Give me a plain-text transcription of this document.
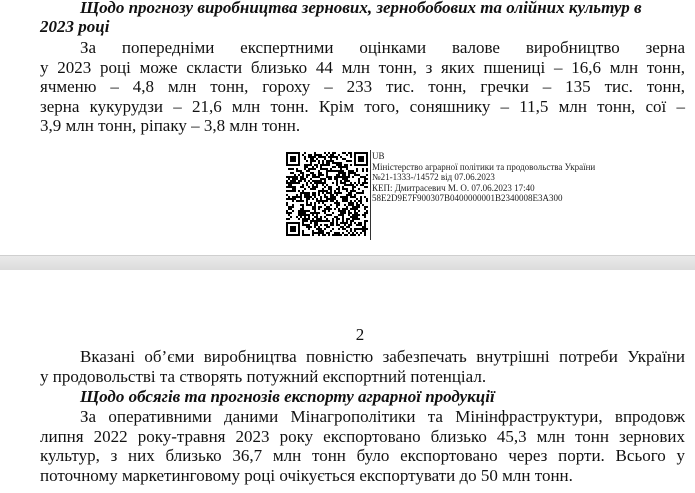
Щодо прогнозу виробництва зернових, зернобобових та олійних культур в
2023 році
За попередніми експертними оцінками валове виробництво зерна
у 2023 році може скласти близько 44 млн тонн, з яких пшениці – 16,6 млн тонн,
ячменю – 4,8 млн тонн, гороху – 233 тис. тонн, гречки – 135 тис. тонн,
зерна кукурудзи – 21,6 млн тонн. Крім того, соняшнику – 11,5 млн тонн, сої –
3,9 млн тонн, ріпаку – 3,8 млн тонн.
UB
Міністерство аграрної політики та продовольства України
№21-1333-/14572 від 07.06.2023
КЕП: Дмитрасевич М. О. 07.06.2023 17:40
58E2D9E7F900307B0400000001B2340008E3A300
2
Вказані об’єми виробництва повністю забезпечать внутрішні потреби України
у продовольстві та створять потужний експортний потенціал.
Щодо обсягів та прогнозів експорту аграрної продукції
За оперативними даними Мінагрополітики та Мінінфраструктури, впродовж
липня 2022 року-травня 2023 року експортовано близько 45,3 млн тонн зернових
культур, з них близько 36,7 млн тонн було експортовано через порти. Всього у
поточному маркетинговому році очікується експортувати до 50 млн тонн.
